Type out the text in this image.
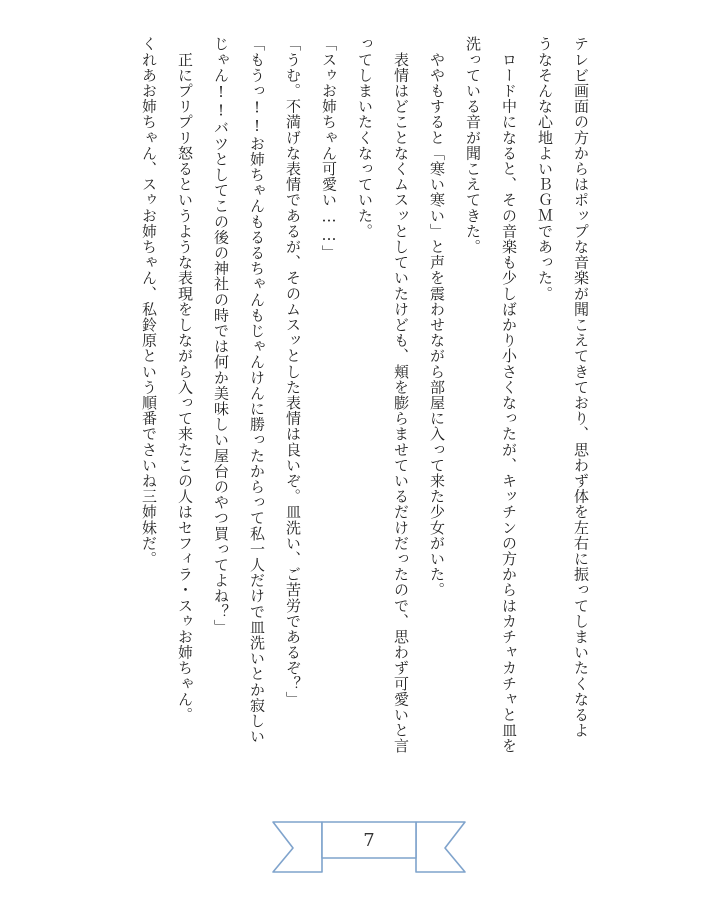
テレビ画面の方からはポップな音楽が聞こえてきており、思わず体を左右に振ってしまいたくなるよ
うなそんな心地よいＢＧＭであった。
　ロード中になると、その音楽も少しばかり小さくなったが、キッチンの方からはカチャカチャと皿を
洗っている音が聞こえてきた。
　ややもすると「寒い寒い」と声を震わせながら部屋に入って来た少女がいた。
　表情はどことなくムスッとしていたけども、頬を膨らませているだけだったので、思わず可愛いと言
ってしまいたくなっていた。
「スゥお姉ちゃん可愛い……」
「うむ。不満げな表情であるが、そのムスッとした表情は良いぞ。皿洗い、ご苦労であるぞ？」
「もうっ!!お姉ちゃんもるるちゃんもじゃんけんに勝ったからって私一人だけで皿洗いとか寂しい
じゃん!!バツとしてこの後の神社の時では何か美味しい屋台のやつ買ってよね？」
　正にプリプリ怒るというような表現をしながら入って来たこの人はセフィラ・スゥお姉ちゃん。
くれあお姉ちゃん、スゥお姉ちゃん、私鈴原という順番でさいね三姉妹だ。
7
